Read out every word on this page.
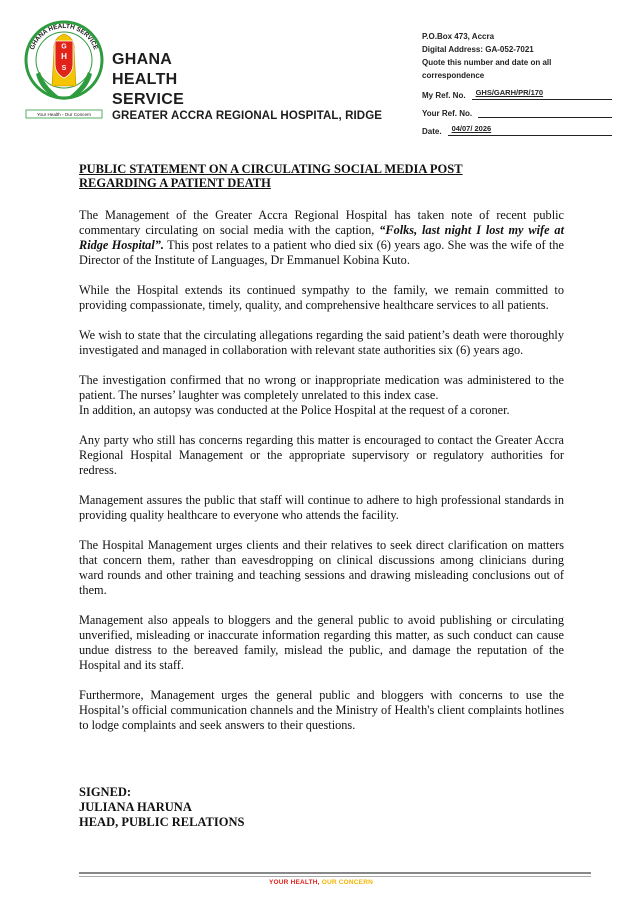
GHANA HEALTH SERVICE
G
H
S
Your Health - Our Concern
GHANA
HEALTH
SERVICE
GREATER ACCRA REGIONAL HOSPITAL, RIDGE
P.O.Box 473, Accra
Digital Address: GA-052-7021
Quote this number and date on all
correspondence
My Ref. No.	GHS/GARH/PR/170
Your Ref. No.
Date.	04/07/ 2026
PUBLIC STATEMENT ON A CIRCULATING SOCIAL MEDIA POST
REGARDING A PATIENT DEATH

The Management of the Greater Accra Regional Hospital has taken note of recent public commentary circulating on social media with the caption, “Folks, last night I lost my wife at Ridge Hospital”. This post relates to a patient who died six (6) years ago. She was the wife of the Director of the Institute of Languages, Dr Emmanuel Kobina Kuto.

While the Hospital extends its continued sympathy to the family, we remain committed to providing compassionate, timely, quality, and comprehensive healthcare services to all patients.

We wish to state that the circulating allegations regarding the said patient’s death were thoroughly investigated and managed in collaboration with relevant state authorities six (6) years ago.

The investigation confirmed that no wrong or inappropriate medication was administered to the patient. The nurses’ laughter was completely unrelated to this index case.
In addition, an autopsy was conducted at the Police Hospital at the request of a coroner.

Any party who still has concerns regarding this matter is encouraged to contact the Greater Accra Regional Hospital Management or the appropriate supervisory or regulatory authorities for redress.

Management assures the public that staff will continue to adhere to high professional standards in providing quality healthcare to everyone who attends the facility.

The Hospital Management urges clients and their relatives to seek direct clarification on matters that concern them, rather than eavesdropping on clinical discussions among clinicians during ward rounds and other training and teaching sessions and drawing misleading conclusions out of them.

Management also appeals to bloggers and the general public to avoid publishing or circulating unverified, misleading or inaccurate information regarding this matter, as such conduct can cause undue distress to the bereaved family, mislead the public, and damage the reputation of the Hospital and its staff.

Furthermore, Management urges the general public and bloggers with concerns to use the Hospital’s official communication channels and the Ministry of Health's client complaints hotlines to lodge complaints and seek answers to their questions.

SIGNED:
JULIANA HARUNA
HEAD, PUBLIC RELATIONS
YOUR HEALTH, OUR CONCERN
